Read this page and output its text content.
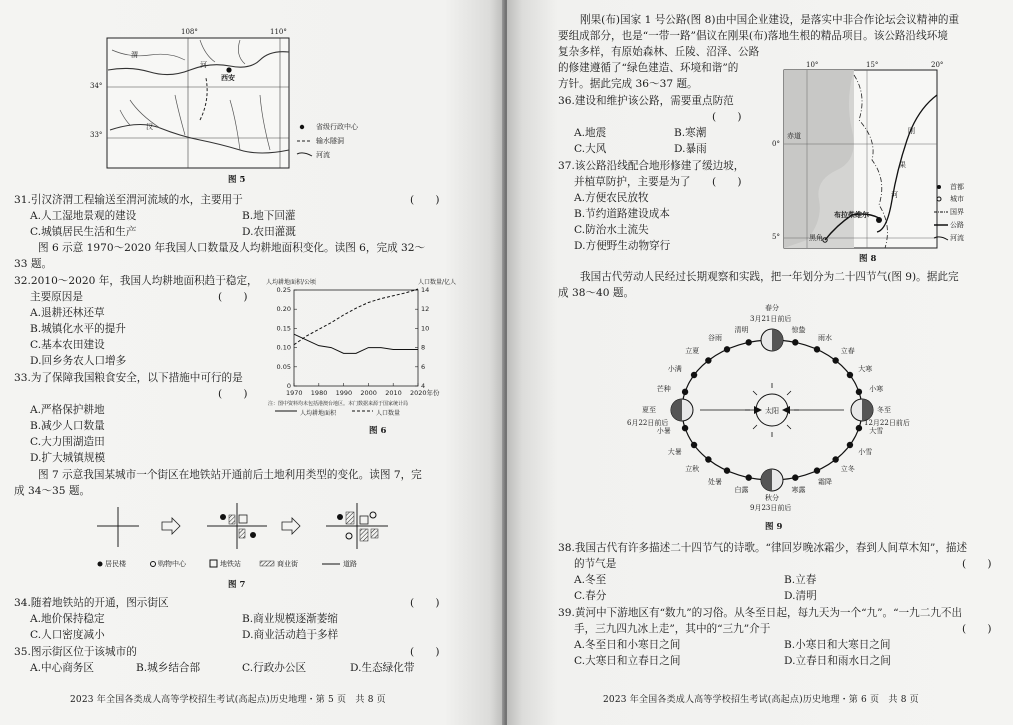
108°	110°
34°
33°
渭
河
西安
汉	省级行政中心
输水隧洞
河流
图 5
31.引汉济渭工程输送至渭河流域的水，主要用于	(　　)
A.人工湿地景观的建设	B.地下回灌
C.城镇居民生活和生产	D.农田灌溉
图 6 示意 1970～2020 年我国人口数量及人均耕地面积变化。读图 6，完成 32～
33 题。
32.2010～2020 年，我国人均耕地面积趋于稳定，
主要原因是	(　　)
A.退耕还林还草
B.城镇化水平的提升
C.基本农田建设
D.回乡务农人口增多
33.为了保障我国粮食安全，以下措施中可行的是
(　　)
A.严格保护耕地
B.减少人口数量
C.大力围湖造田
D.扩大城镇规模
0
0.05
0.10
0.15
0.20
0.25
4
6
8
10
12
14
1970 1980 1990 2000 2010 2020年份
人均耕地面积/公顷	人口数量/亿人
注：图中资料均未包括港澳台地区。本门数据来源于国家统计局
人均耕地面积	人口数量
图 6
图 7 示意我国某城市一个街区在地铁站开通前后土地利用类型的变化。读图 7，完
成 34～35 题。
居民楼	购物中心	地铁站	商业街	道路
图 7
34.随着地铁站的开通，图示街区	(　　)
A.地价保持稳定	B.商业规模逐渐萎缩
C.人口密度减小	D.商业活动趋于多样
35.图示街区位于该城市的	(　　)
A.中心商务区	B.城乡结合部	C.行政办公区	D.生态绿化带
2023 年全国各类成人高等学校招生考试(高起点)历史地理・第 5 页　共 8 页
刚果(布)国家 1 号公路(图 8)由中国企业建设，是落实中非合作论坛会议精神的重
要组成部分，也是“一带一路”倡议在刚果(布)落地生根的精品项目。该公路沿线环境
复杂多样，有原始森林、丘陵、沼泽、公路
的修建遵循了“绿色建造、环境和谐”的
方针。据此完成 36～37 题。
36.建设和维护该公路，需要重点防范
(　　)
A.地震	B.寒潮
C.大风	D.暴雨
37.该公路沿线配合地形修建了缓边坡，
并植草防护，主要是为了 (　　)
A.方便农民放牧
B.节约道路建设成本
C.防治水土流失
D.方便野生动物穿行
10°	15°	20°
0°
5°
赤道
刚
果
河
布拉柴维尔
黑角
首都
城市
国界
公路
河流
图 8
我国古代劳动人民经过长期观察和实践，把一年划分为二十四节气(图 9)。据此完
成 38～40 题。
春分
3月21日前后
秋分
9月23日前后
夏至
6月22日前后
冬至
12月22日前后
太阳
清明
谷雨
立夏
小满
芒种
小暑
大暑
立秋
处暑
白露	寒露
霜降
立冬
小雪
大雪
小寒
大寒
立春
雨水
惊蛰
图 9
38.我国古代有许多描述二十四节气的诗歌。“律回岁晚冰霜少，春到人间草木知”，描述
的节气是	(　　)
A.冬至	B.立春
C.春分	D.清明
39.黄河中下游地区有“数九”的习俗。从冬至日起，每九天为一个“九”。“一九二九不出
手，三九四九冰上走”，其中的“三九”介于	(　　)
A.冬至日和小寒日之间	B.小寒日和大寒日之间
C.大寒日和立春日之间	D.立春日和雨水日之间
2023 年全国各类成人高等学校招生考试(高起点)历史地理・第 6 页　共 8 页
